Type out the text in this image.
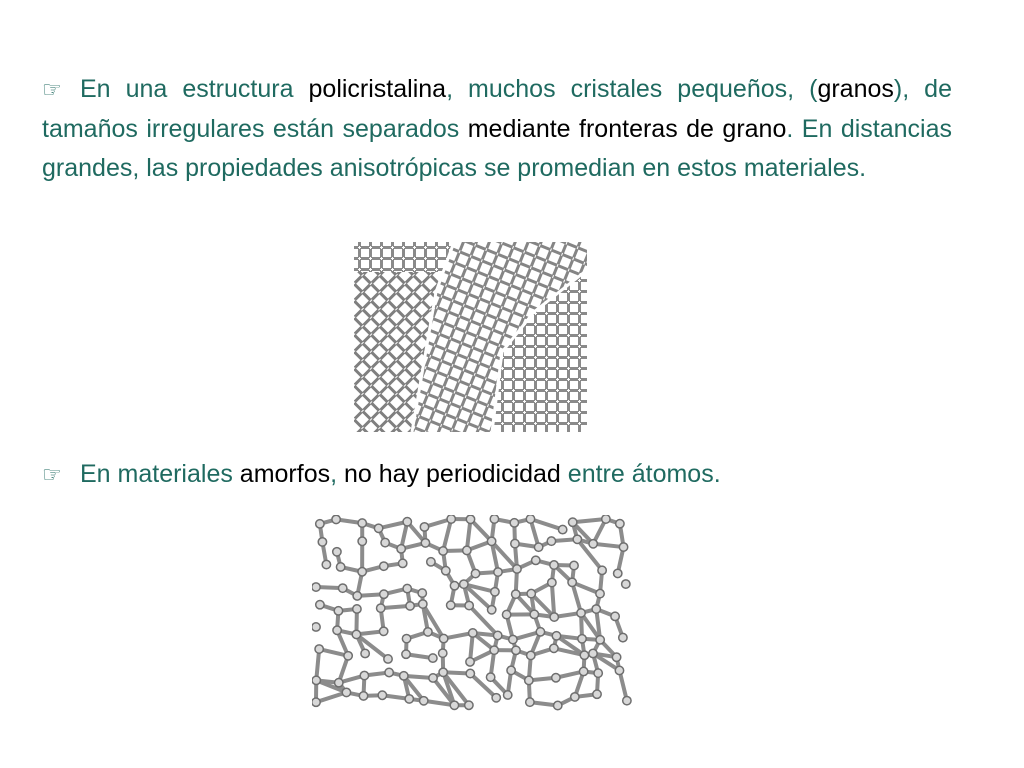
☞ En una estructura policristalina, muchos cristales pequeños, (granos), de tamaños irregulares están separados mediante fronteras de grano. En distancias grandes, las propiedades anisotrópicas se promedian en estos materiales.
☞ En materiales amorfos, no hay periodicidad entre átomos.
